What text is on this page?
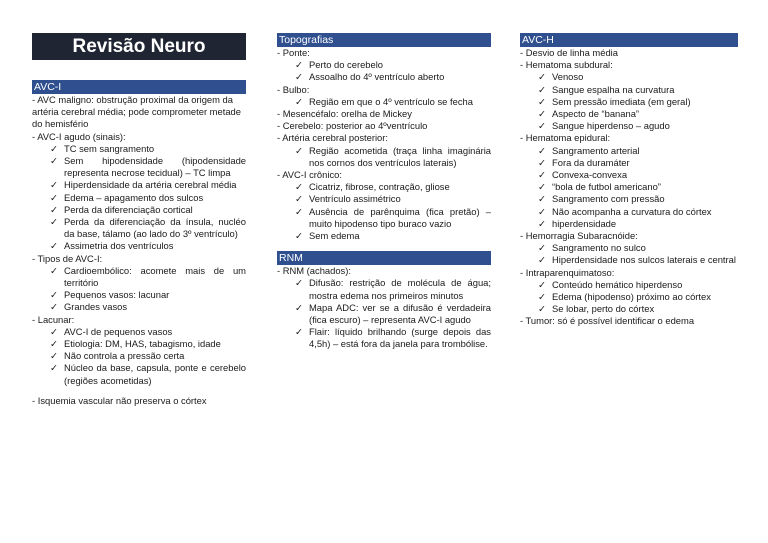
Revisão Neuro
AVC-I
- AVC maligno: obstrução proximal da origem da artéria cerebral média; pode comprometer metade do hemisfério
- AVC-I agudo (sinais):
✓ TC sem sangramento
✓ Sem hipodensidade (hipodensidade representa necrose tecidual) – TC limpa
✓ Hiperdensidade da artéria cerebral média
✓ Edema – apagamento dos sulcos
✓ Perda da diferenciação cortical
✓ Perda da diferenciação da ínsula, nucléo da base, tálamo (ao lado do 3º ventrículo)
✓ Assimetria dos ventrículos
- Tipos de AVC-I:
✓ Cardioembólico: acomete mais de um território
✓ Pequenos vasos: lacunar
✓ Grandes vasos
- Lacunar:
✓ AVC-I de pequenos vasos
✓ Etiologia: DM, HAS, tabagismo, idade
✓ Não controla a pressão certa
✓ Núcleo da base, capsula, ponte e cerebelo (regiões acometidas)
- Isquemia vascular não preserva o córtex
Topografias
- Ponte:
✓ Perto do cerebelo
✓ Assoalho do 4º ventrículo aberto
- Bulbo:
✓ Região em que o 4º ventrículo se fecha
- Mesencéfalo: orelha de Mickey
- Cerebelo: posterior ao 4ºventrículo
- Artéria cerebral posterior:
✓ Região acometida (traça linha imaginária nos cornos dos ventrículos laterais)
- AVC-I crônico:
✓ Cicatriz, fibrose, contração, gliose
✓ Ventrículo assimétrico
✓ Ausência de parênquima (fica pretão) – muito hipodenso tipo buraco vazio
✓ Sem edema
RNM
- RNM (achados):
✓ Difusão: restrição de molécula de água; mostra edema nos primeiros minutos
✓ Mapa ADC: ver se a difusão é verdadeira (fica escuro) – representa AVC-I agudo
✓ Flair: líquido brilhando (surge depois das 4,5h) – está fora da janela para trombólise.
AVC-H
- Desvio de linha média
- Hematoma subdural:
✓ Venoso
✓ Sangue espalha na curvatura
✓ Sem pressão imediata (em geral)
✓ Aspecto de “banana”
✓ Sangue hiperdenso – agudo
- Hematoma epidural:
✓ Sangramento arterial
✓ Fora da duramáter
✓ Convexa-convexa
✓ “bola de futbol americano”
✓ Sangramento com pressão
✓ Não acompanha a curvatura do córtex
✓ hiperdensidade
- Hemorragia Subaracnóide:
✓ Sangramento no sulco
✓ Hiperdensidade nos sulcos laterais e central
- Intraparenquimatoso:
✓ Conteúdo hemático hiperdenso
✓ Edema (hipodenso) próximo ao córtex
✓ Se lobar, perto do córtex
- Tumor: só é possível identificar o edema
